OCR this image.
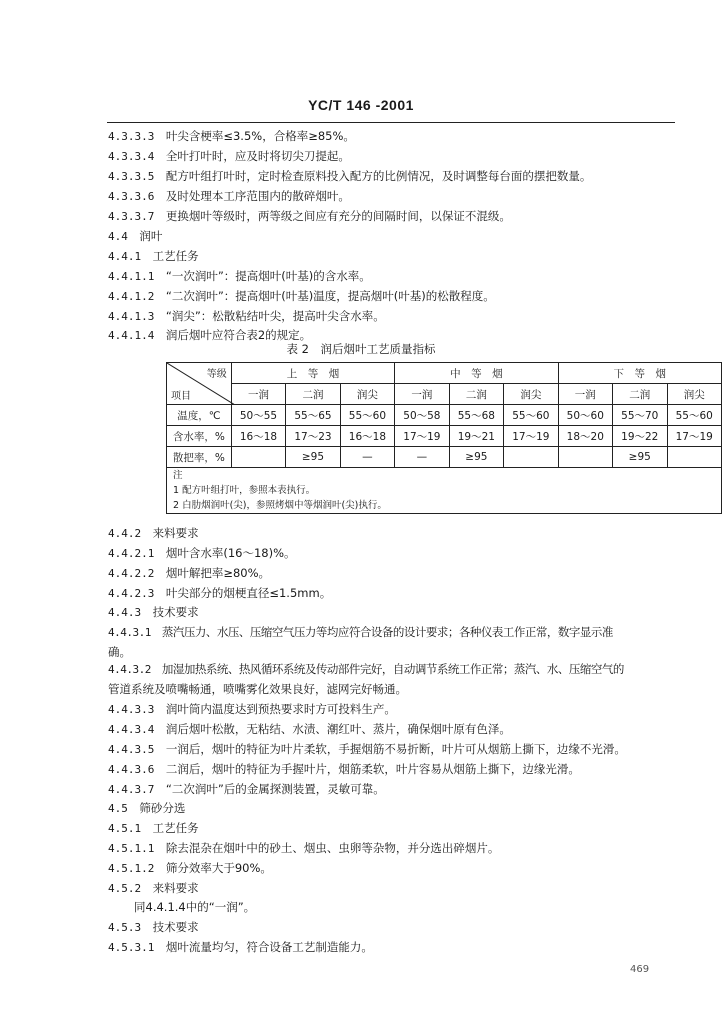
YC/T 146 -2001
4.3.3.3　 叶尖含梗率≤3.5%，合格率≥85%。
4.3.3.4　 全叶打叶时，应及时将切尖刀提起。
4.3.3.5　 配方叶组打叶时，定时检查原料投入配方的比例情况，及时调整每台面的摆把数量。
4.3.3.6　 及时处理本工序范围内的散碎烟叶。
4.3.3.7　 更换烟叶等级时，两等级之间应有充分的间隔时间，以保证不混级。
4.4　 润叶
4.4.1　 工艺任务
4.4.1.1　 “一次润叶”：提高烟叶(叶基)的含水率。
4.4.1.2　 “二次润叶”：提高烟叶(叶基)温度，提高烟叶(叶基)的松散程度。
4.4.1.3　 “润尖”：松散粘结叶尖，提高叶尖含水率。
4.4.1.4　 润后烟叶应符合表2的规定。
表 2　润后烟叶工艺质量指标
等级
项目	上　等　烟			中　等　烟			下　等　烟		
	一润	二润	润尖	一润	二润	润尖	一润	二润	润尖
温度，℃	50～55	55～65	55～60	50～58	55～68	55～60	50～60	55～70	55～60
含水率，%	16～18	17～23	16～18	17～19	19～21	17～19	18～20	19～22	17～19
散把率，%		≥95	—	—	≥95			≥95	

注
1 配方叶组打叶，参照本表执行。
2 白肋烟润叶(尖)，参照烤烟中等烟润叶(尖)执行。									
4.4.2　 来料要求
4.4.2.1　 烟叶含水率(16～18)%。
4.4.2.2　 烟叶解把率≥80%。
4.4.2.3　 叶尖部分的烟梗直径≤1.5mm。
4.4.3　 技术要求
4.4.3.1　 蒸汽压力、水压、压缩空气压力等均应符合设备的设计要求；各种仪表工作正常，数字显示准
确。
4.4.3.2　 加湿加热系统、热风循环系统及传动部件完好，自动调节系统工作正常；蒸汽、水、压缩空气的
管道系统及喷嘴畅通，喷嘴雾化效果良好，滤网完好畅通。
4.4.3.3　 润叶筒内温度达到预热要求时方可投料生产。
4.4.3.4　 润后烟叶松散，无粘结、水渍、潮红叶、蒸片，确保烟叶原有色泽。
4.4.3.5　 一润后，烟叶的特征为叶片柔软，手握烟筋不易折断，叶片可从烟筋上撕下，边缘不光滑。
4.4.3.6　 二润后，烟叶的特征为手握叶片，烟筋柔软，叶片容易从烟筋上撕下，边缘光滑。
4.4.3.7　 “二次润叶”后的金属探测装置，灵敏可靠。
4.5　 筛砂分选
4.5.1　 工艺任务
4.5.1.1　 除去混杂在烟叶中的砂土、烟虫、虫卵等杂物，并分选出碎烟片。
4.5.1.2　 筛分效率大于90%。
4.5.2　 来料要求
同4.4.1.4中的“一润”。
4.5.3　 技术要求
4.5.3.1　 烟叶流量均匀，符合设备工艺制造能力。
469
